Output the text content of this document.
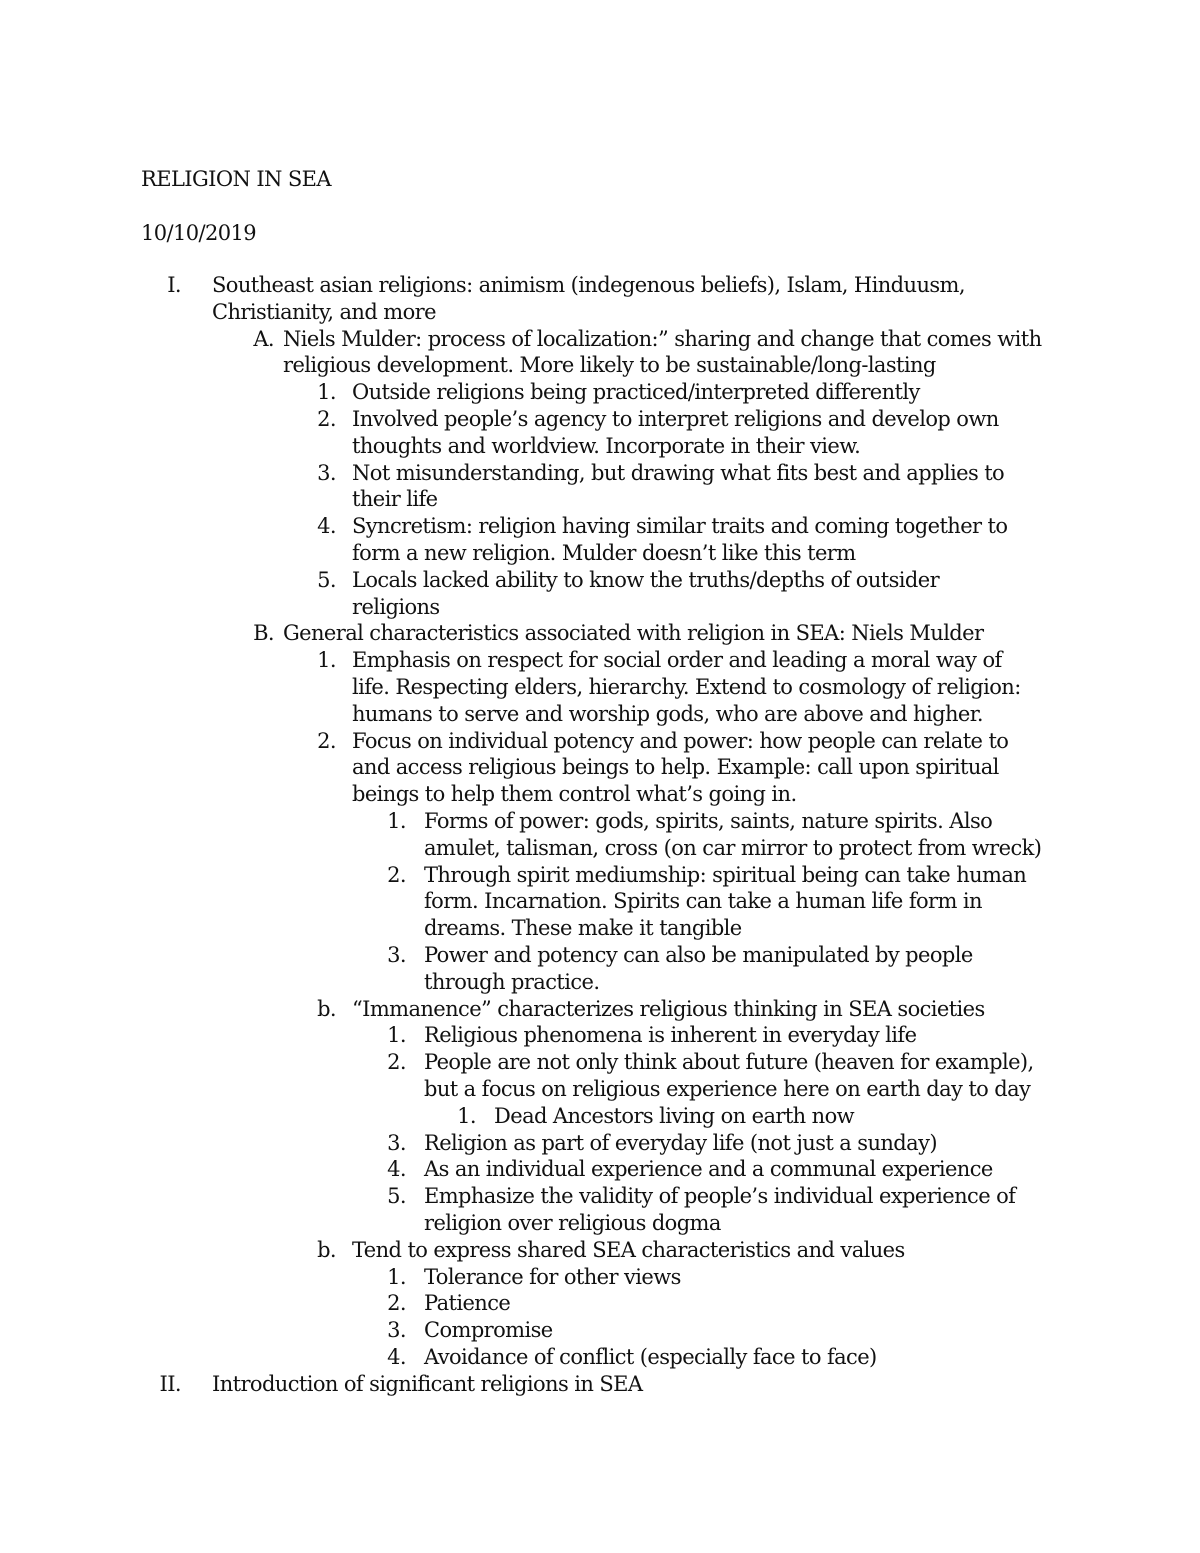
RELIGION IN SEA
10/10/2019
I. Southeast asian religions: animism (indegenous beliefs), Islam, Hinduusm,
Christianity, and more
A. Niels Mulder: process of localization:” sharing and change that comes with
religious development. More likely to be sustainable/long-lasting
1. Outside religions being practiced/interpreted differently
2. Involved people’s agency to interpret religions and develop own
thoughts and worldview. Incorporate in their view.
3. Not misunderstanding, but drawing what fits best and applies to
their life
4. Syncretism: religion having similar traits and coming together to
form a new religion. Mulder doesn’t like this term
5. Locals lacked ability to know the truths/depths of outsider
religions
B. General characteristics associated with religion in SEA: Niels Mulder
1. Emphasis on respect for social order and leading a moral way of
life. Respecting elders, hierarchy. Extend to cosmology of religion:
humans to serve and worship gods, who are above and higher.
2. Focus on individual potency and power: how people can relate to
and access religious beings to help. Example: call upon spiritual
beings to help them control what’s going in.
1. Forms of power: gods, spirits, saints, nature spirits. Also
amulet, talisman, cross (on car mirror to protect from wreck)
2. Through spirit mediumship: spiritual being can take human
form. Incarnation. Spirits can take a human life form in
dreams. These make it tangible
3. Power and potency can also be manipulated by people
through practice.
b. “Immanence” characterizes religious thinking in SEA societies
1. Religious phenomena is inherent in everyday life
2. People are not only think about future (heaven for example),
but a focus on religious experience here on earth day to day
1. Dead Ancestors living on earth now
3. Religion as part of everyday life (not just a sunday)
4. As an individual experience and a communal experience
5. Emphasize the validity of people’s individual experience of
religion over religious dogma
b. Tend to express shared SEA characteristics and values
1. Tolerance for other views
2. Patience
3. Compromise
4. Avoidance of conflict (especially face to face)
II. Introduction of significant religions in SEA
